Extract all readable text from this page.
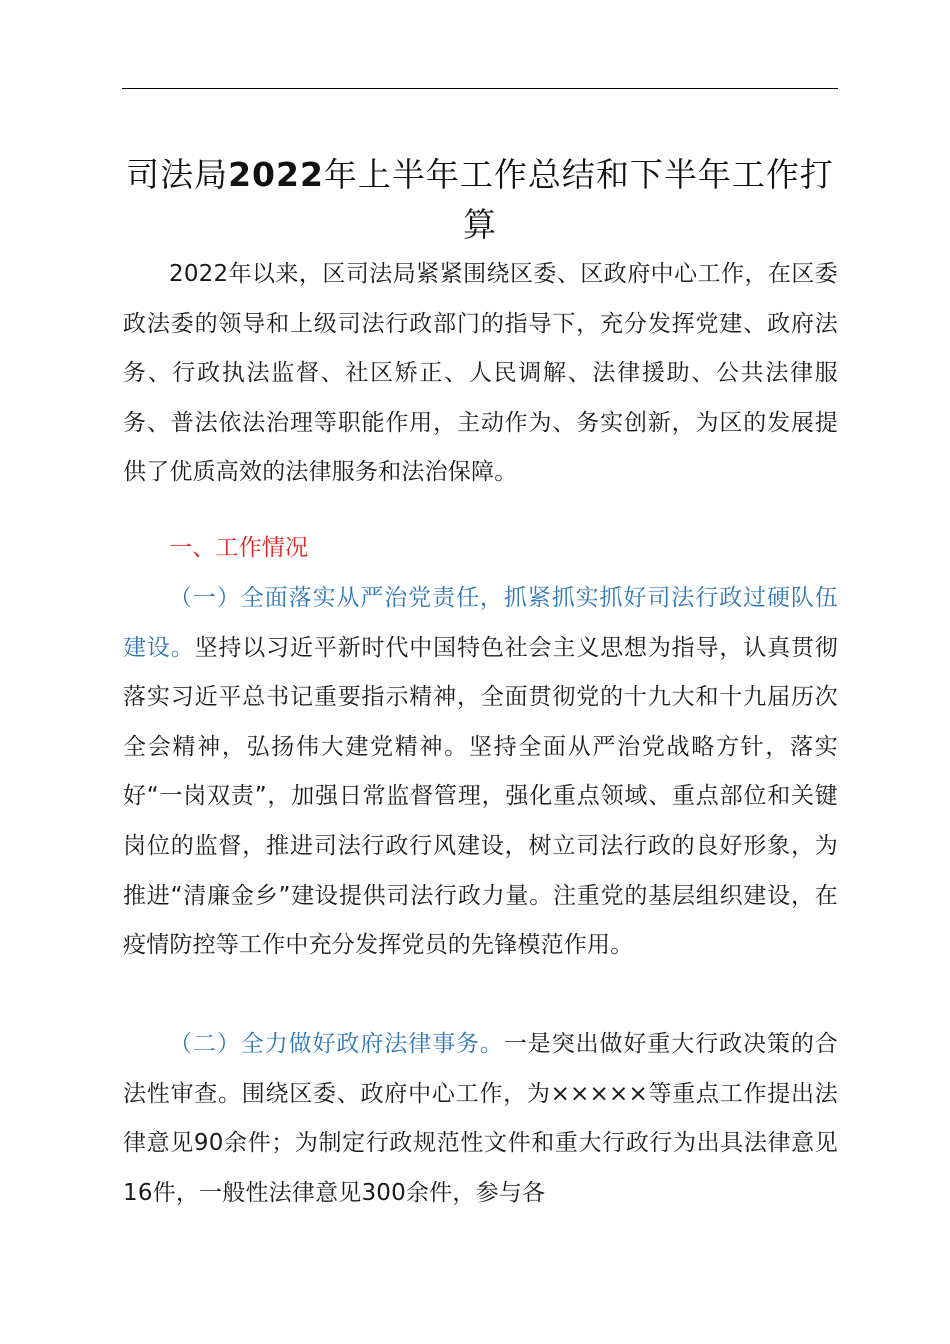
司法局2022年上半年工作总结和下半年工作打算
2022年以来，区司法局紧紧围绕区委、区政府中心工作，在区委政法委的领导和上级司法行政部门的指导下，充分发挥党建、政府法务、行政执法监督、社区矫正、人民调解、法律援助、公共法律服务、普法依法治理等职能作用，主动作为、务实创新，为区的发展提供了优质高效的法律服务和法治保障。
一、工作情况
（一）全面落实从严治党责任，抓紧抓实抓好司法行政过硬队伍建设。坚持以习近平新时代中国特色社会主义思想为指导，认真贯彻落实习近平总书记重要指示精神，全面贯彻党的十九大和十九届历次全会精神，弘扬伟大建党精神。坚持全面从严治党战略方针，落实好“一岗双责”，加强日常监督管理，强化重点领域、重点部位和关键岗位的监督，推进司法行政行风建设，树立司法行政的良好形象，为推进“清廉金乡”建设提供司法行政力量。注重党的基层组织建设，在疫情防控等工作中充分发挥党员的先锋模范作用。
（二）全力做好政府法律事务。一是突出做好重大行政决策的合法性审查。围绕区委、政府中心工作，为×××××等重点工作提出法律意见90余件；为制定行政规范性文件和重大行政行为出具法律意见16件，一般性法律意见300余件，参与各
